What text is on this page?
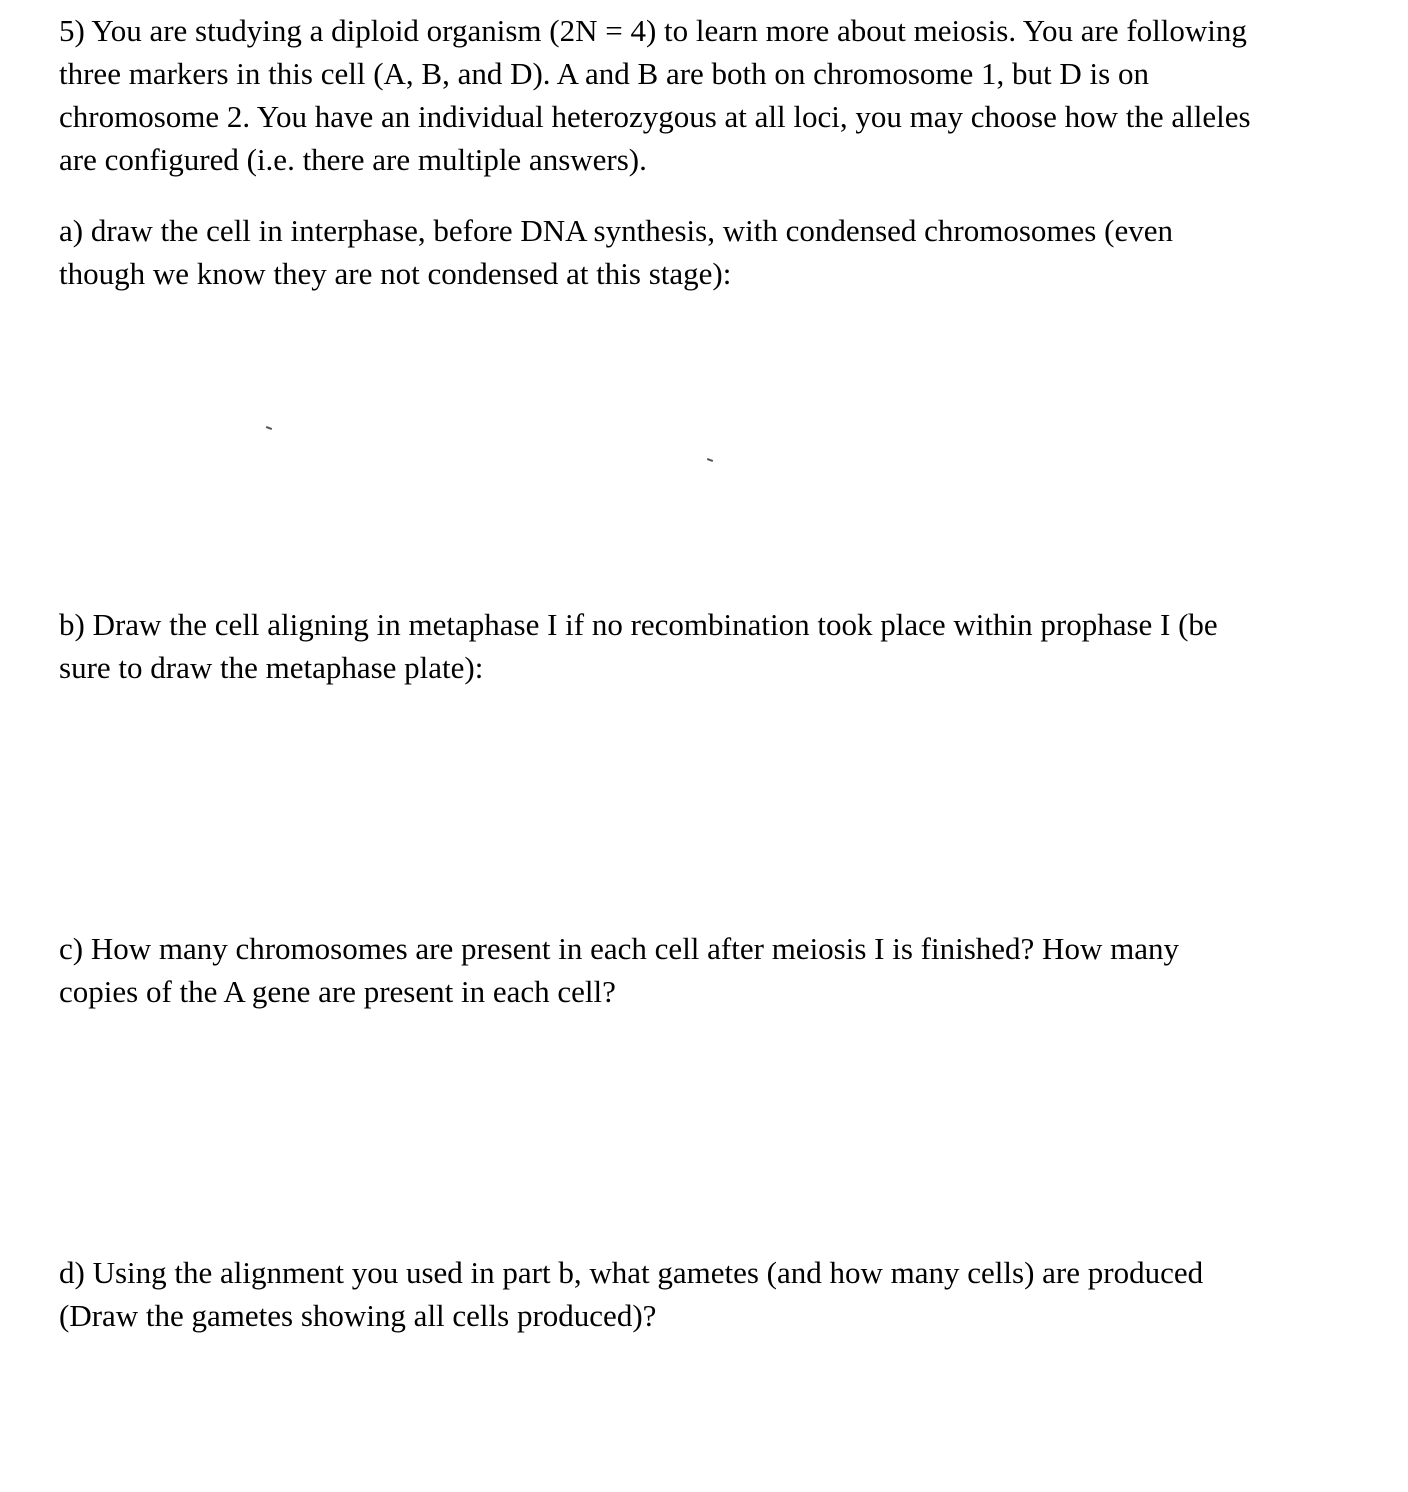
5) You are studying a diploid organism (2N = 4) to learn more about meiosis. You are following
three markers in this cell (A, B, and D). A and B are both on chromosome 1, but D is on
chromosome 2. You have an individual heterozygous at all loci, you may choose how the alleles
are configured (i.e. there are multiple answers).
a) draw the cell in interphase, before DNA synthesis, with condensed chromosomes (even
though we know they are not condensed at this stage):
b) Draw the cell aligning in metaphase I if no recombination took place within prophase I (be
sure to draw the metaphase plate):
c) How many chromosomes are present in each cell after meiosis I is finished? How many
copies of the A gene are present in each cell?
d) Using the alignment you used in part b, what gametes (and how many cells) are produced
(Draw the gametes showing all cells produced)?
